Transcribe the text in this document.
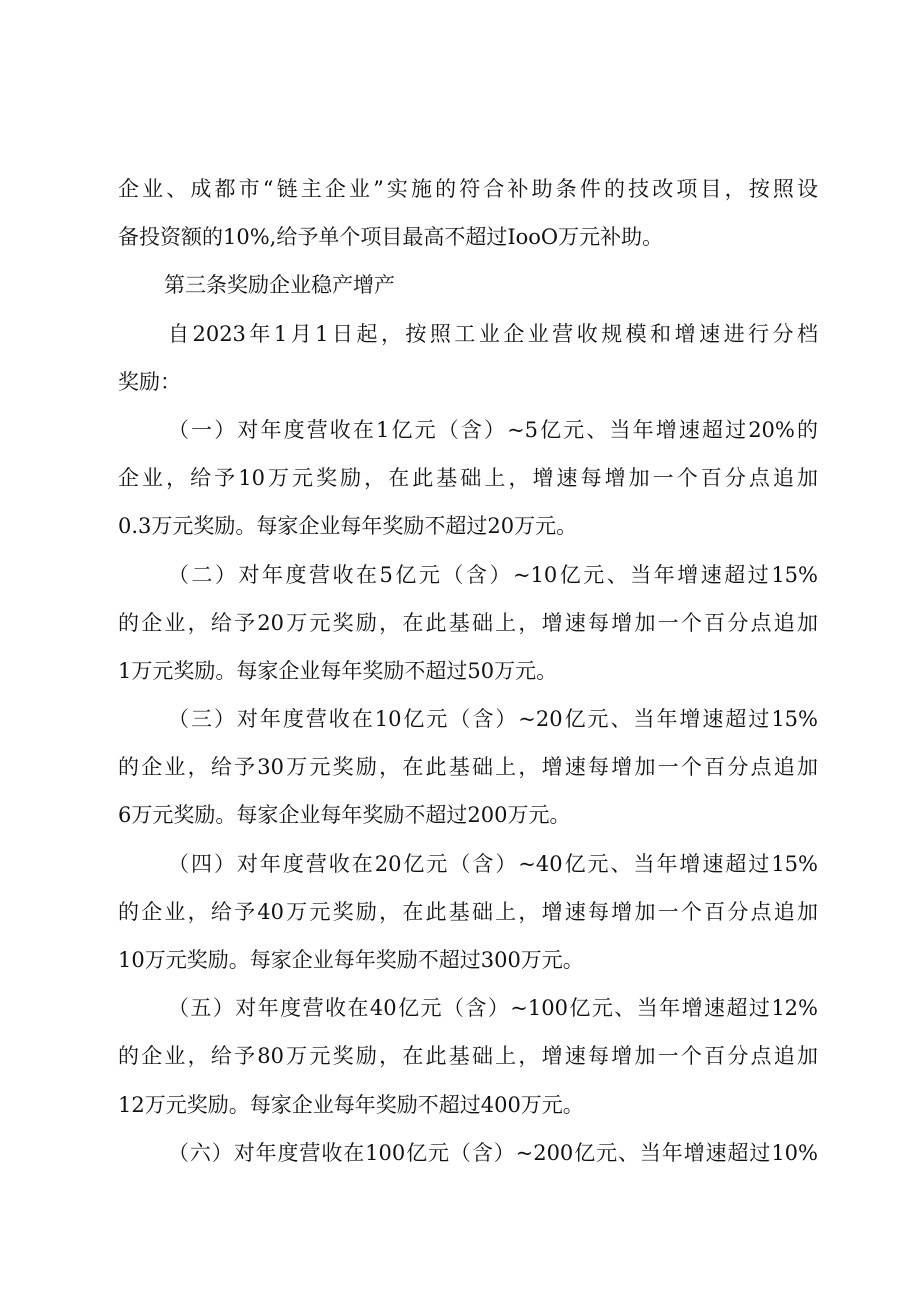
企业、成都市“链主企业”实施的符合补助条件的技改项目，按照设
备投资额的10%,给予单个项目最高不超过IooO万元补助。
第三条奖励企业稳产增产
自2023年1月1日起，按照工业企业营收规模和增速进行分档
奖励：
（一）对年度营收在1亿元（含）~5亿元、当年增速超过20%的
企业，给予10万元奖励，在此基础上，增速每增加一个百分点追加
0.3万元奖励。每家企业每年奖励不超过20万元。
（二）对年度营收在5亿元（含）~10亿元、当年增速超过15%
的企业，给予20万元奖励，在此基础上，增速每增加一个百分点追加
1万元奖励。每家企业每年奖励不超过50万元。
（三）对年度营收在10亿元（含）~20亿元、当年增速超过15%
的企业，给予30万元奖励，在此基础上，增速每增加一个百分点追加
6万元奖励。每家企业每年奖励不超过200万元。
（四）对年度营收在20亿元（含）~40亿元、当年增速超过15%
的企业，给予40万元奖励，在此基础上，增速每增加一个百分点追加
10万元奖励。每家企业每年奖励不超过300万元。
（五）对年度营收在40亿元（含）~100亿元、当年增速超过12%
的企业，给予80万元奖励，在此基础上，增速每增加一个百分点追加
12万元奖励。每家企业每年奖励不超过400万元。
（六）对年度营收在100亿元（含）~200亿元、当年增速超过10%
